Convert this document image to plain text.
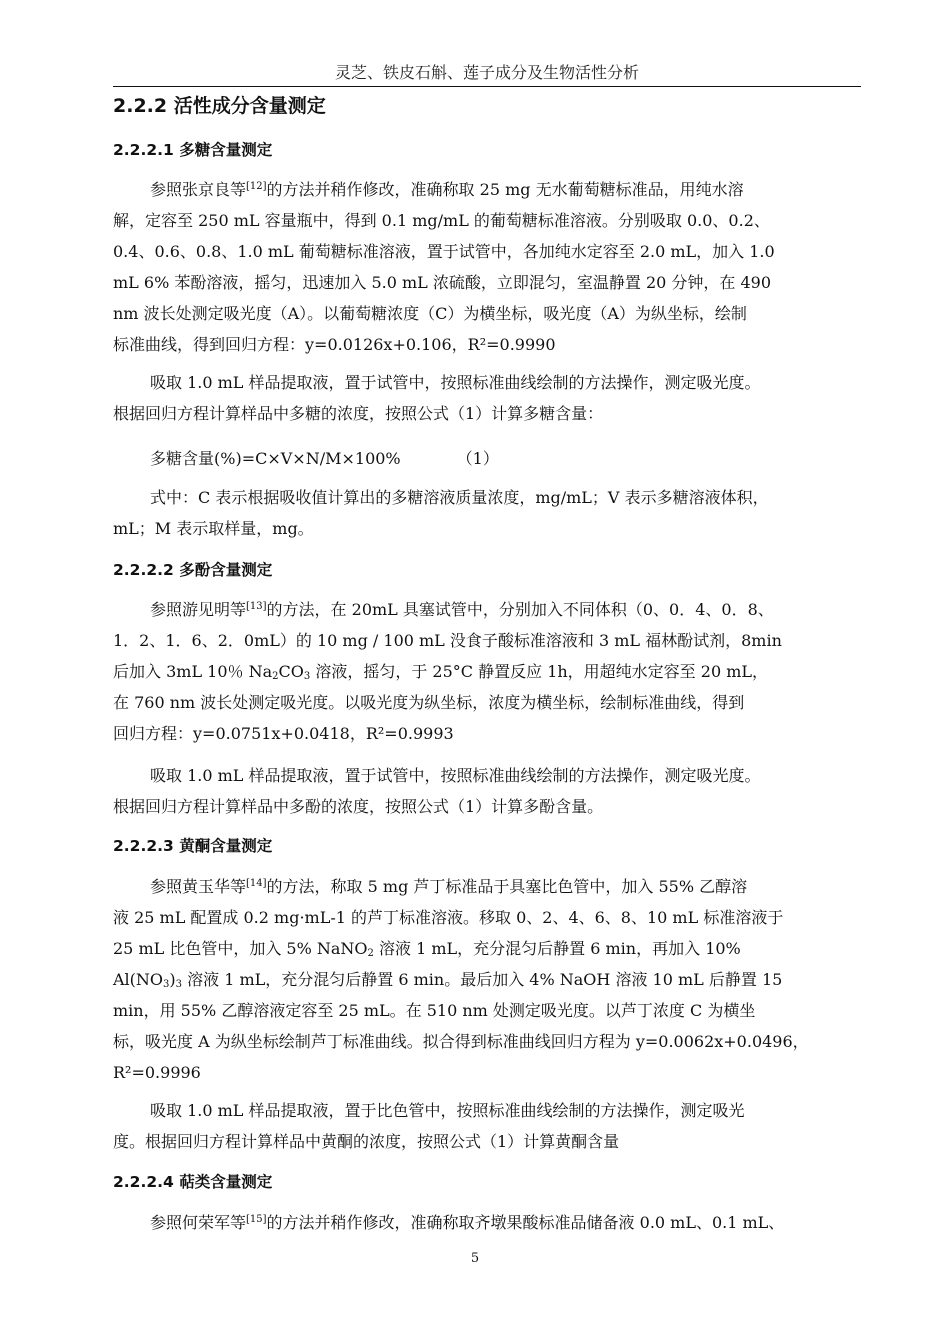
灵芝、铁皮石斛、莲子成分及生物活性分析
2.2.2 活性成分含量测定
2.2.2.1 多糖含量测定
参照张京良等[12]的方法并稍作修改，准确称取 25 mg 无水葡萄糖标准品，用纯水溶
解，定容至 250 mL 容量瓶中，得到 0.1 mg/mL 的葡萄糖标准溶液。分别吸取 0.0、0.2、
0.4、0.6、0.8、1.0 mL 葡萄糖标准溶液，置于试管中，各加纯水定容至 2.0 mL，加入 1.0
mL 6% 苯酚溶液，摇匀，迅速加入 5.0 mL 浓硫酸，立即混匀，室温静置 20 分钟，在 490
nm 波长处测定吸光度（A）。以葡萄糖浓度（C）为横坐标，吸光度（A）为纵坐标，绘制
标准曲线，得到回归方程：y=0.0126x+0.106，R²=0.9990
吸取 1.0 mL 样品提取液，置于试管中，按照标准曲线绘制的方法操作，测定吸光度。
根据回归方程计算样品中多糖的浓度，按照公式（1）计算多糖含量：
多糖含量(%)=C×V×N/M×100%	（1）
式中：C 表示根据吸收值计算出的多糖溶液质量浓度，mg/mL；V 表示多糖溶液体积，
mL；M 表示取样量，mg。
2.2.2.2 多酚含量测定
参照游见明等[13]的方法，在 20mL 具塞试管中，分别加入不同体积（0、0．4、0．8、
1．2、1．6、2．0mL）的 10 mg / 100 mL 没食子酸标准溶液和 3 mL 福林酚试剂，8min
后加入 3mL 10％ $Na_2CO_3$ 溶液，摇匀，于 25°C 静置反应 1h，用超纯水定容至 20 mL，
在 760 nm 波长处测定吸光度。以吸光度为纵坐标，浓度为横坐标，绘制标准曲线，得到
回归方程：y=0.0751x+0.0418，R²=0.9993
吸取 1.0 mL 样品提取液，置于试管中，按照标准曲线绘制的方法操作，测定吸光度。
根据回归方程计算样品中多酚的浓度，按照公式（1）计算多酚含量。
2.2.2.3 黄酮含量测定
参照黄玉华等[14]的方法，称取 5 mg 芦丁标准品于具塞比色管中，加入 55% 乙醇溶
液 25 mL 配置成 0.2 mg·mL-1 的芦丁标准溶液。移取 0、2、4、6、8、10 mL 标准溶液于
25 mL 比色管中，加入 5% NaNO$_2$ 溶液 1 mL，充分混匀后静置 6 min，再加入 10%
$Al(NO_3)_3$ 溶液 1 mL，充分混匀后静置 6 min。最后加入 4% NaOH 溶液 10 mL 后静置 15
min，用 55% 乙醇溶液定容至 25 mL。在 510 nm 处测定吸光度。以芦丁浓度 C 为横坐
标，吸光度 A 为纵坐标绘制芦丁标准曲线。拟合得到标准曲线回归方程为 y=0.0062x+0.0496，
R²=0.9996
吸取 1.0 mL 样品提取液，置于比色管中，按照标准曲线绘制的方法操作，测定吸光
度。根据回归方程计算样品中黄酮的浓度，按照公式（1）计算黄酮含量
2.2.2.4 萜类含量测定
参照何荣军等[15]的方法并稍作修改，准确称取齐墩果酸标准品储备液 0.0 mL、0.1 mL、
5
